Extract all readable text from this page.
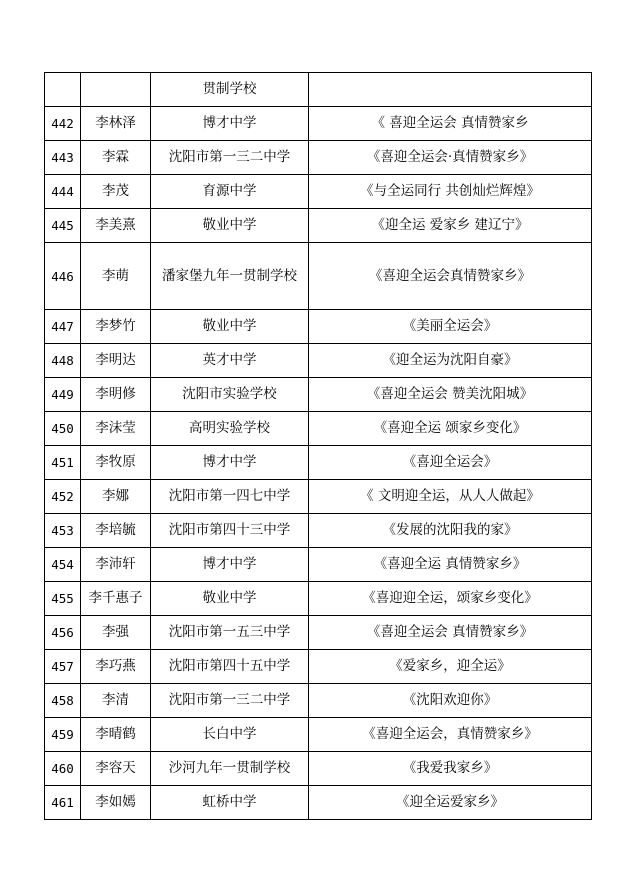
		贯制学校	
442	李林泽	博才中学	《 喜迎全运会 真情赞家乡
443	李霖	沈阳市第一三二中学	《喜迎全运会·真情赞家乡》
444	李茂	育源中学	《与全运同行 共创灿烂辉煌》
445	李美熹	敬业中学	《迎全运 爱家乡 建辽宁》
446	李萌	潘家堡九年一贯制学校	《喜迎全运会真情赞家乡》
447	李梦竹	敬业中学	《美丽全运会》
448	李明达	英才中学	《迎全运为沈阳自豪》
449	李明修	沈阳市实验学校	《喜迎全运会 赞美沈阳城》
450	李沫莹	高明实验学校	《喜迎全运 颂家乡变化》
451	李牧原	博才中学	《喜迎全运会》
452	李娜	沈阳市第一四七中学	《 文明迎全运，从人人做起》
453	李培毓	沈阳市第四十三中学	《发展的沈阳我的家》
454	李沛轩	博才中学	《喜迎全运 真情赞家乡》
455	李千惠子	敬业中学	《喜迎迎全运，颂家乡变化》
456	李强	沈阳市第一五三中学	《喜迎全运会 真情赞家乡》
457	李巧燕	沈阳市第四十五中学	《爱家乡，迎全运》
458	李清	沈阳市第一三二中学	《沈阳欢迎你》
459	李晴鹤	长白中学	《喜迎全运会，真情赞家乡》
460	李容天	沙河九年一贯制学校	《我爱我家乡》
461	李如嫣	虹桥中学	《迎全运爱家乡》
